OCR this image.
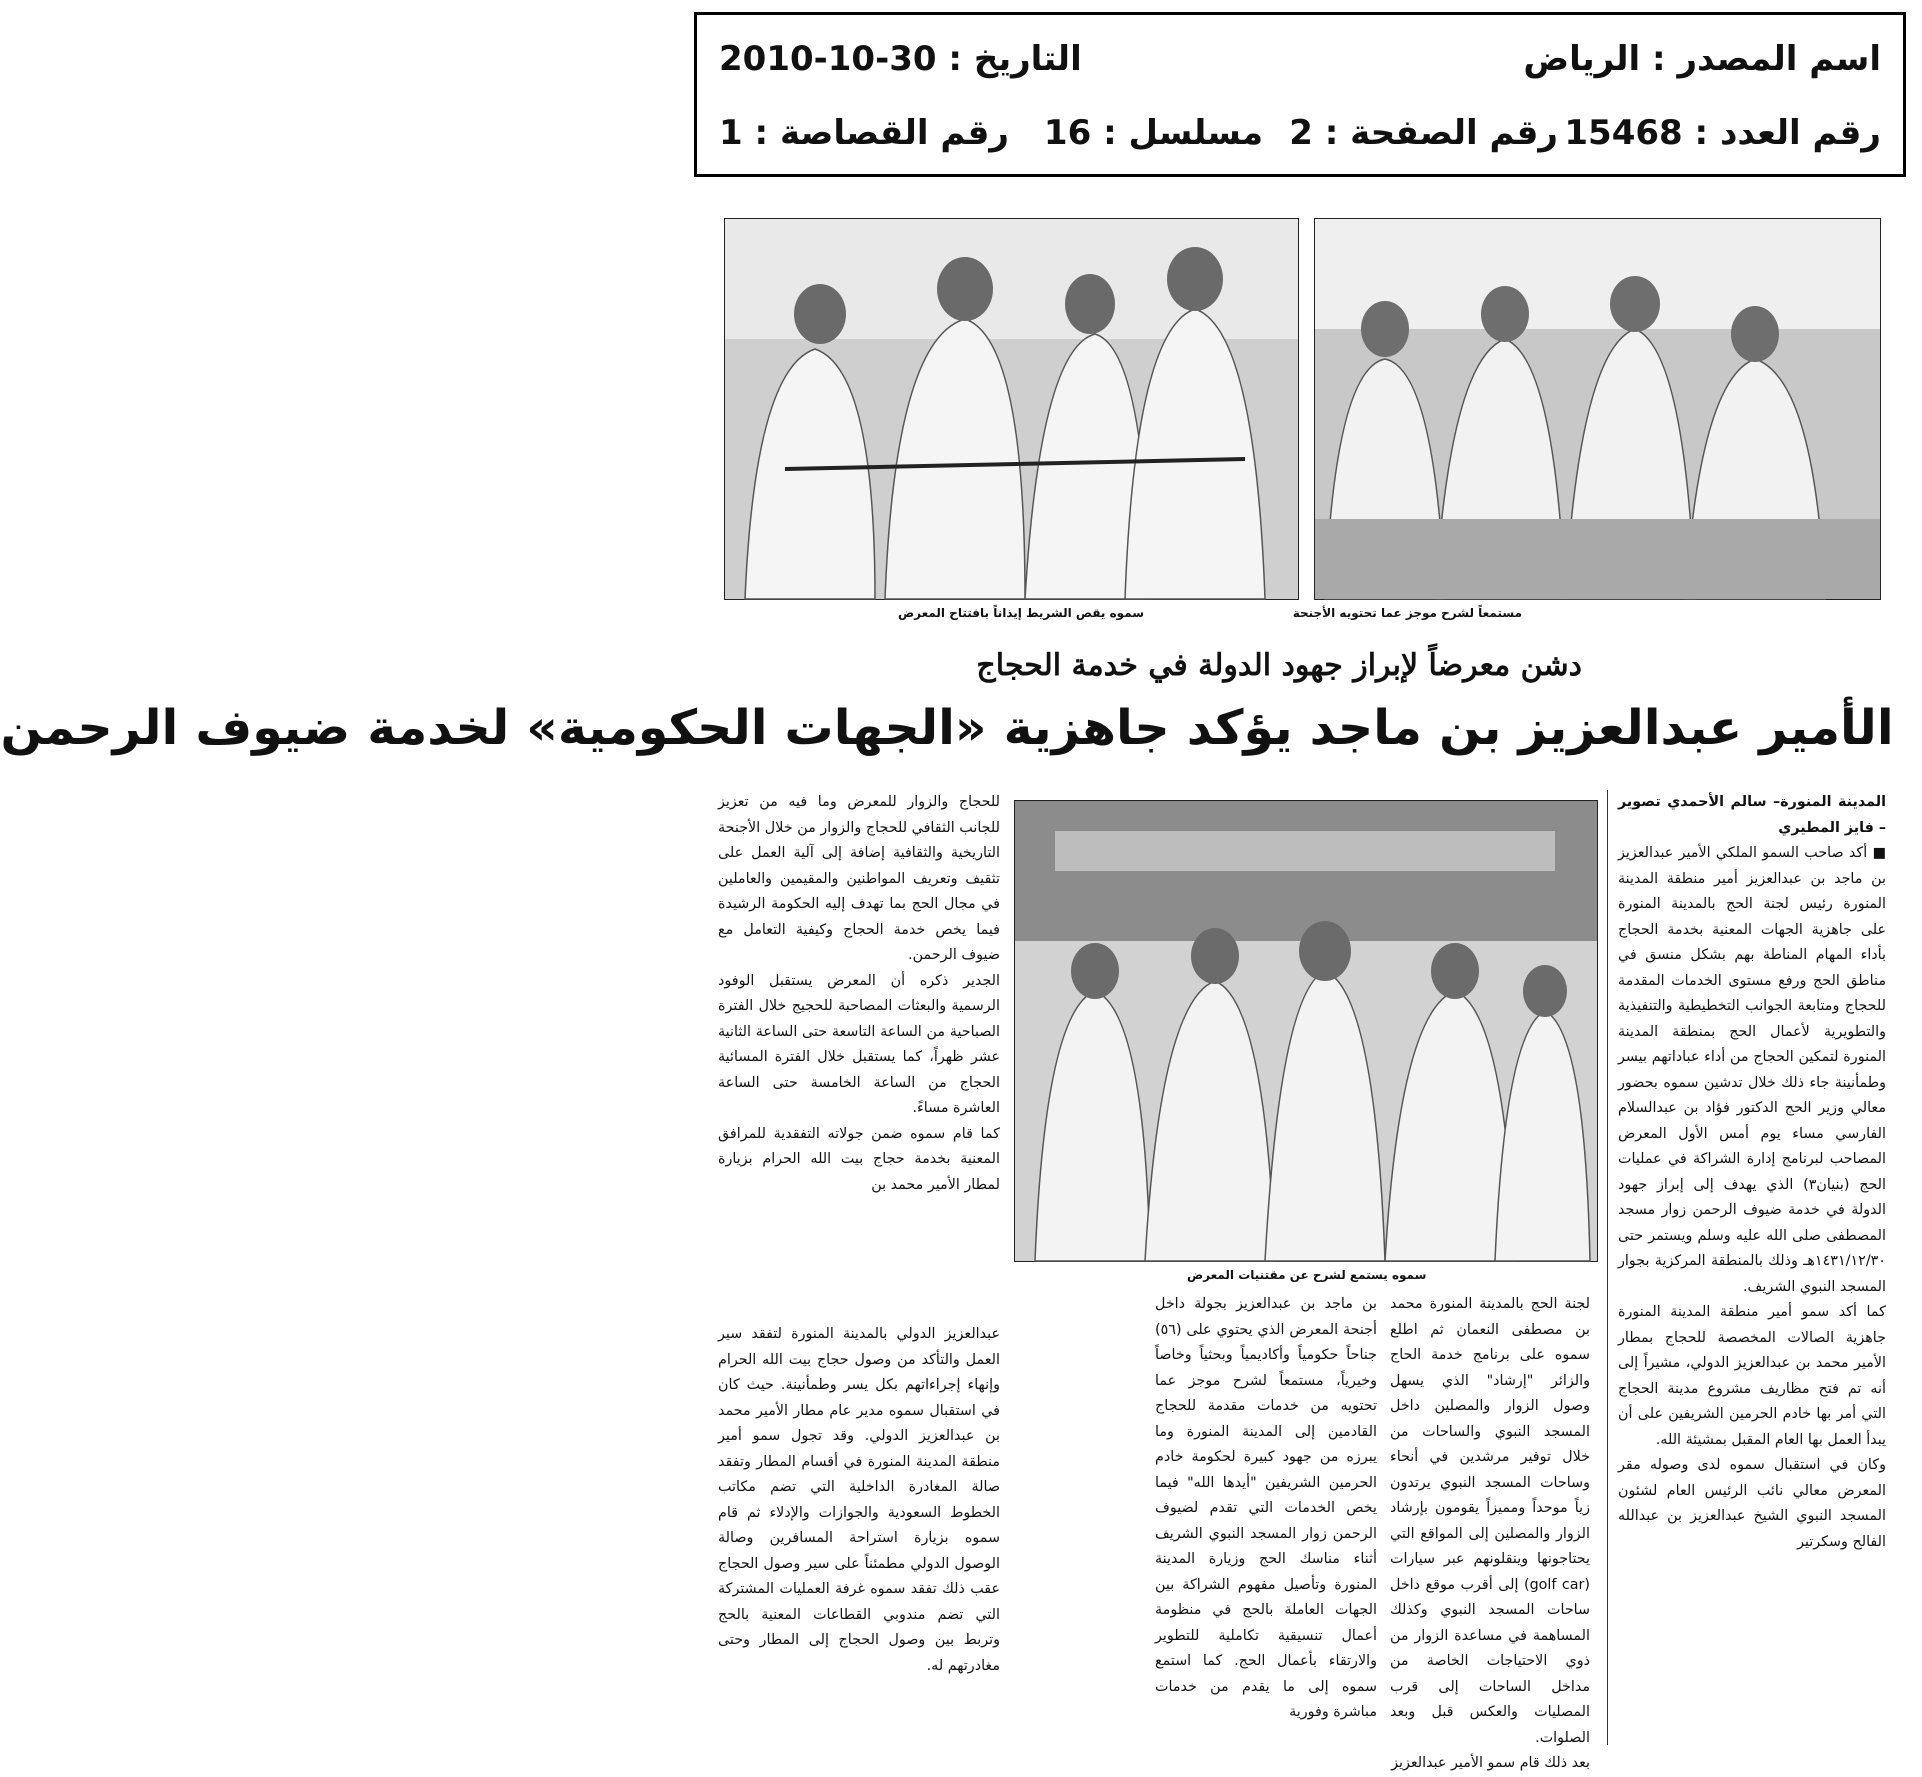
اسم المصدر : الرياض
التاريخ : 30-10-2010
رقم العدد : 15468
رقم الصفحة : 2
مسلسل : 16
رقم القصاصة : 1
سموه يقص الشريط إيذاناً بافتتاح المعرض	مستمعاً لشرح موجز عما تحتويه الأجنحة
دشن معرضاً لإبراز جهود الدولة في خدمة الحجاج
الأمير عبدالعزيز بن ماجد يؤكد جاهزية «الجهات الحكومية» لخدمة ضيوف الرحمن

المدينة المنورة– سالم الأحمدي تصوير – فايز المطيري

■ أكد صاحب السمو الملكي الأمير عبدالعزيز بن ماجد بن عبدالعزيز أمير منطقة المدينة المنورة رئيس لجنة الحج بالمدينة المنورة على جاهزية الجهات المعنية بخدمة الحجاج بأداء المهام المناطة بهم بشكل منسق في مناطق الحج ورفع مستوى الخدمات المقدمة للحجاج ومتابعة الجوانب التخطيطية والتنفيذية والتطويرية لأعمال الحج بمنطقة المدينة المنورة لتمكين الحجاج من أداء عباداتهم بيسر وطمأنينة جاء ذلك خلال تدشين سموه بحضور معالي وزير الحج الدكتور فؤاد بن عبدالسلام الفارسي مساء يوم أمس الأول المعرض المصاحب لبرنامج إدارة الشراكة في عمليات الحج (بنيان٣) الذي يهدف إلى إبراز جهود الدولة في خدمة ضيوف الرحمن زوار مسجد المصطفى صلى الله عليه وسلم ويستمر حتى ١٤٣١/١٢/٣٠هـ وذلك بالمنطقة المركزية بجوار المسجد النبوي الشريف.

كما أكد سمو أمير منطقة المدينة المنورة جاهزية الصالات المخصصة للحجاج بمطار الأمير محمد بن عبدالعزيز الدولي، مشيراً إلى أنه تم فتح مظاريف مشروع مدينة الحجاج التي أمر بها خادم الحرمين الشريفين على أن يبدأ العمل بها العام المقبل بمشيئة الله.

وكان في استقبال سموه لدى وصوله مقر المعرض معالي نائب الرئيس العام لشئون المسجد النبوي الشيخ عبدالعزيز بن عبدالله الفالح وسكرتير

سموه يستمع لشرح عن مقتنيات المعرض

للحجاج والزوار للمعرض وما فيه من تعزيز للجانب الثقافي للحجاج والزوار من خلال الأجنحة التاريخية والثقافية إضافة إلى آلية العمل على تثقيف وتعريف المواطنين والمقيمين والعاملين في مجال الحج بما تهدف إليه الحكومة الرشيدة فيما يخص خدمة الحجاج وكيفية التعامل مع ضيوف الرحمن.

الجدير ذكره أن المعرض يستقبل الوفود الرسمية والبعثات المصاحبة للحجيج خلال الفترة الصباحية من الساعة التاسعة حتى الساعة الثانية عشر ظهراً، كما يستقبل خلال الفترة المسائية الحجاج من الساعة الخامسة حتى الساعة العاشرة مساءً.

كما قام سموه ضمن جولاته التفقدية للمرافق المعنية بخدمة حجاج بيت الله الحرام بزيارة لمطار الأمير محمد بن

لجنة الحج بالمدينة المنورة محمد بن مصطفى النعمان ثم اطلع سموه على برنامج خدمة الحاج والزائر "إرشاد" الذي يسهل وصول الزوار والمصلين داخل المسجد النبوي والساحات من خلال توفير مرشدين في أنحاء وساحات المسجد النبوي يرتدون زياً موحداً ومميزاً يقومون بإرشاد الزوار والمصلين إلى المواقع التي يحتاجونها وينقلونهم عبر سيارات (golf car) إلى أقرب موقع داخل ساحات المسجد النبوي وكذلك المساهمة في مساعدة الزوار من ذوي الاحتياجات الخاصة من مداخل الساحات إلى قرب المصليات والعكس قبل وبعد الصلوات.

بعد ذلك قام سمو الأمير عبدالعزيز

بن ماجد بن عبدالعزيز بجولة داخل أجنحة المعرض الذي يحتوي على (٥٦) جناحاً حكومياً وأكاديمياً وبحثياً وخاصاً وخيرياً، مستمعاً لشرح موجز عما تحتويه من خدمات مقدمة للحجاج القادمين إلى المدينة المنورة وما يبرزه من جهود كبيرة لحكومة خادم الحرمين الشريفين "أيدها الله" فيما يخص الخدمات التي تقدم لضيوف الرحمن زوار المسجد النبوي الشريف أثناء مناسك الحج وزيارة المدينة المنورة وتأصيل مفهوم الشراكة بين الجهات العاملة بالحج في منظومة أعمال تنسيقية تكاملية للتطوير والارتقاء بأعمال الحج. كما استمع سموه إلى ما يقدم من خدمات مباشرة وفورية

عبدالعزيز الدولي بالمدينة المنورة لتفقد سير العمل والتأكد من وصول حجاج بيت الله الحرام وإنهاء إجراءاتهم بكل يسر وطمأنينة. حيث كان في استقبال سموه مدير عام مطار الأمير محمد بن عبدالعزيز الدولي. وقد تجول سمو أمير منطقة المدينة المنورة في أقسام المطار وتفقد صالة المغادرة الداخلية التي تضم مكاتب الخطوط السعودية والجوازات والإدلاء ثم قام سموه بزيارة استراحة المسافرين وصالة الوصول الدولي مطمئناً على سير وصول الحجاج عقب ذلك تفقد سموه غرفة العمليات المشتركة التي تضم مندوبي القطاعات المعنية بالحج وتربط بين وصول الحجاج إلى المطار وحتى مغادرتهم له.
